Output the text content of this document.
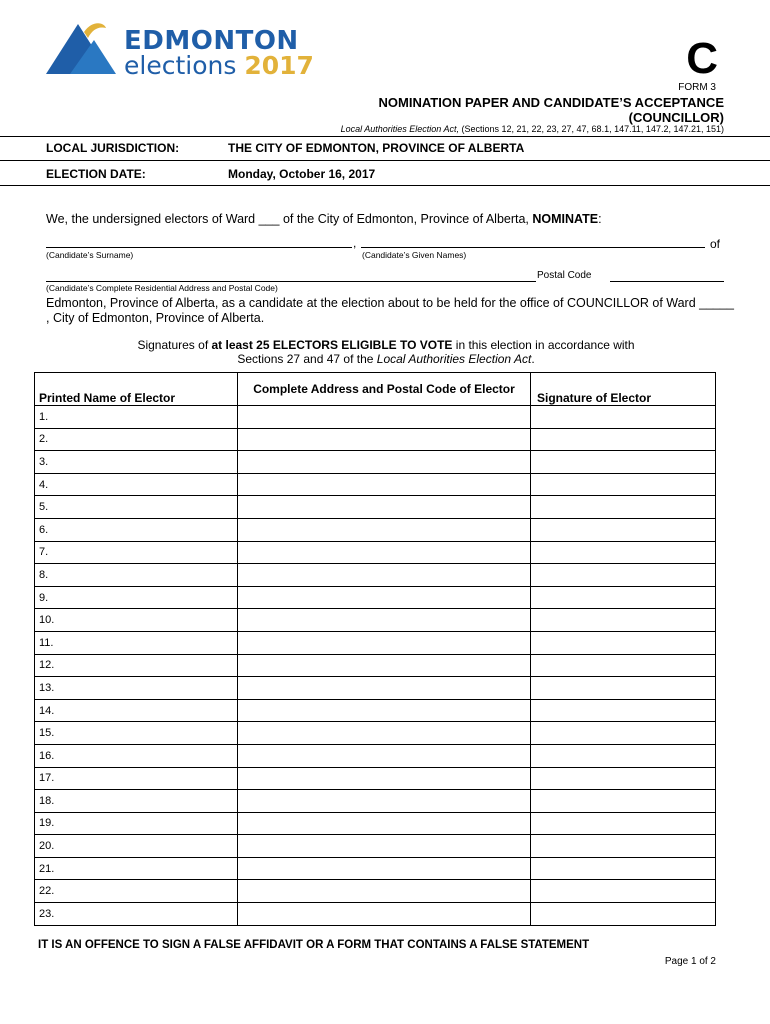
EDMONTON
elections 2017	C
FORM 3
NOMINATION PAPER AND CANDIDATE’S ACCEPTANCE
(COUNCILLOR)
Local Authorities Election Act, (Sections 12, 21, 22, 23, 27, 47, 68.1, 147.11, 147.2, 147.21, 151)
LOCAL JURISDICTION:	THE CITY OF EDMONTON, PROVINCE OF ALBERTA
ELECTION DATE:	Monday, October 16, 2017
We, the undersigned electors of Ward ___ of the City of Edmonton, Province of Alberta, NOMINATE:
,	of
(Candidate’s Surname)	(Candidate’s Given Names)
Postal Code
(Candidate’s Complete Residential Address and Postal Code)
Edmonton, Province of Alberta, as a candidate at the election about to be held for the office of COUNCILLOR of Ward _____ , City of Edmonton, Province of Alberta.
Signatures of at least 25 ELECTORS ELIGIBLE TO VOTE in this election in accordance with
Sections 27 and 47 of the Local Authorities Election Act.
Printed Name of Elector	Complete Address and Postal Code of Elector	Signature of Elector
1.		
2.		
3.		
4.		
5.		
6.		
7.		
8.		
9.		
10.		
11.		
12.		
13.		
14.		
15.		
16.		
17.		
18.		
19.		
20.		
21.		
22.		
23.		
IT IS AN OFFENCE TO SIGN A FALSE AFFIDAVIT OR A FORM THAT CONTAINS A FALSE STATEMENT
Page 1 of 2
